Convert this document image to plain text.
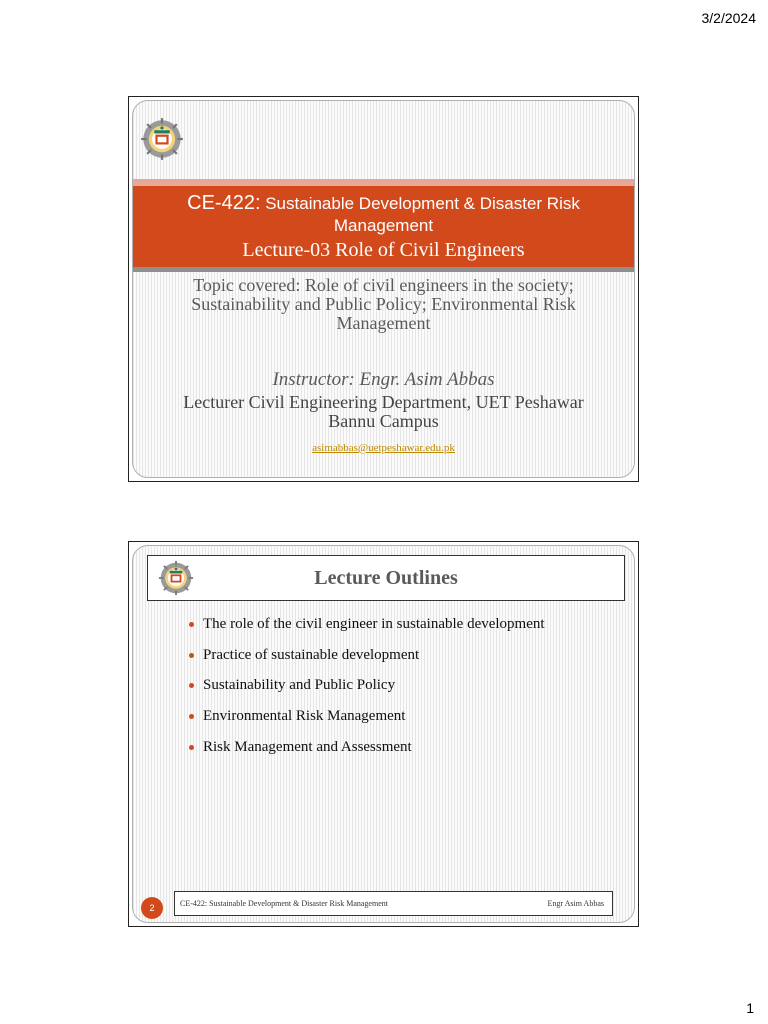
3/2/2024
1
CE-422: Sustainable Development & Disaster Risk
Management
Lecture-03 Role of Civil Engineers
Topic covered: Role of civil engineers in the society;
Sustainability and Public Policy; Environmental Risk
Management
Instructor: Engr. Asim Abbas
Lecturer Civil Engineering Department, UET Peshawar
Bannu Campus
asimabbas@uetpeshawar.edu.pk
Lecture Outlines
The role of the civil engineer in sustainable development
Practice of sustainable development
Sustainability and Public Policy
Environmental Risk Management
Risk Management and Assessment
2	CE-422: Sustainable Development & Disaster Risk Management	Engr Asim Abbas
